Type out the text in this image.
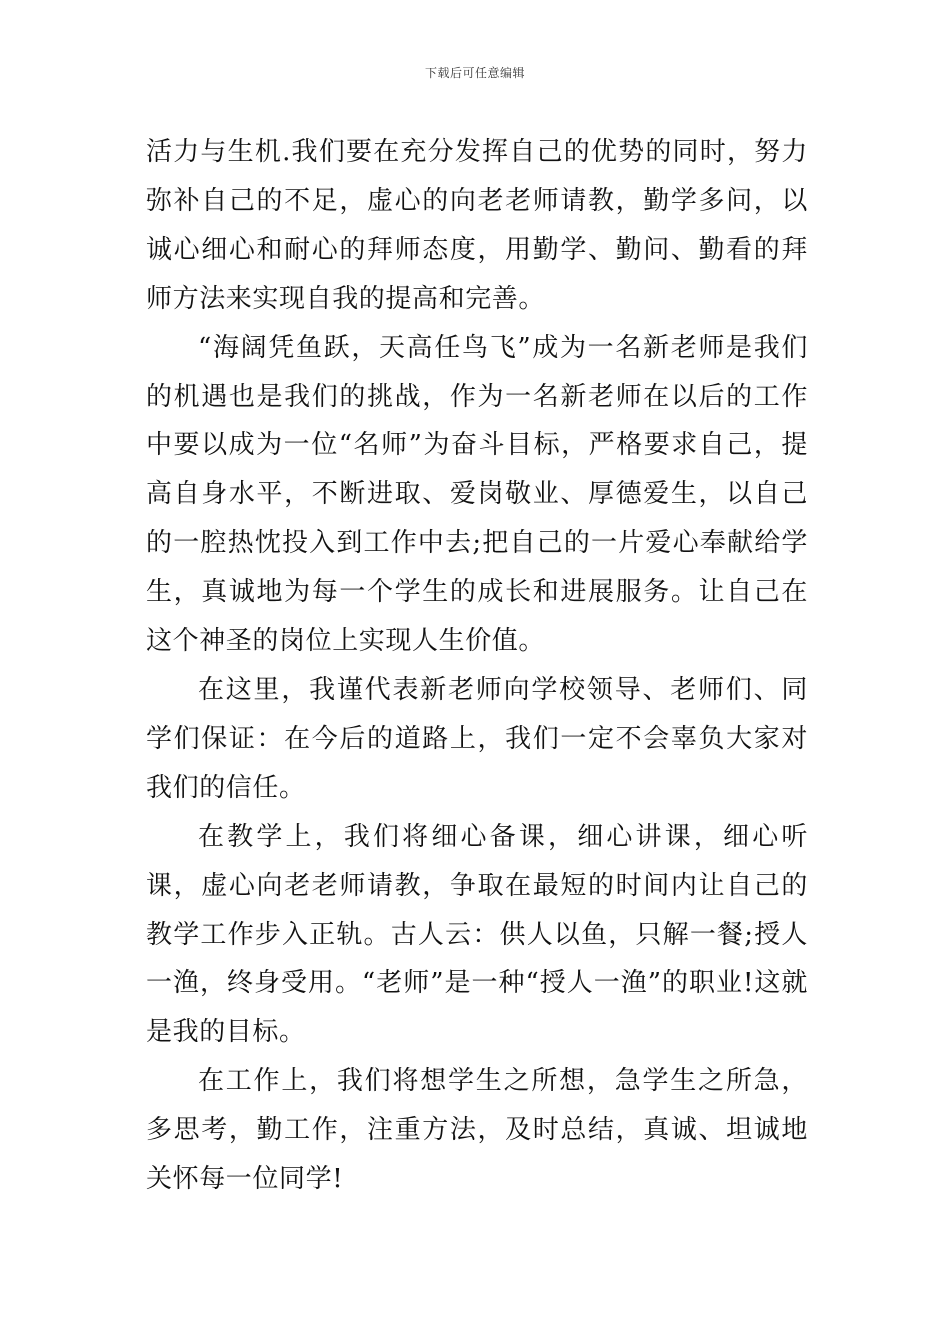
下载后可任意编辑

活力与生机.我们要在充分发挥自己的优势的同时，努力弥补自己的不足，虚心的向老老师请教，勤学多问，以诚心细心和耐心的拜师态度，用勤学、勤问、勤看的拜师方法来实现自我的提高和完善。

“海阔凭鱼跃，天高任鸟飞”成为一名新老师是我们的机遇也是我们的挑战，作为一名新老师在以后的工作中要以成为一位“名师”为奋斗目标，严格要求自己，提高自身水平，不断进取、爱岗敬业、厚德爱生，以自己的一腔热忱投入到工作中去;把自己的一片爱心奉献给学生，真诚地为每一个学生的成长和进展服务。让自己在这个神圣的岗位上实现人生价值。

在这里，我谨代表新老师向学校领导、老师们、同学们保证：在今后的道路上，我们一定不会辜负大家对我们的信任。

在教学上，我们将细心备课，细心讲课，细心听课，虚心向老老师请教，争取在最短的时间内让自己的教学工作步入正轨。古人云：供人以鱼，只解一餐;授人一渔，终身受用。“老师”是一种“授人一渔”的职业!这就是我的目标。

在工作上，我们将想学生之所想，急学生之所急，多思考，勤工作，注重方法，及时总结，真诚、坦诚地关怀每一位同学!
